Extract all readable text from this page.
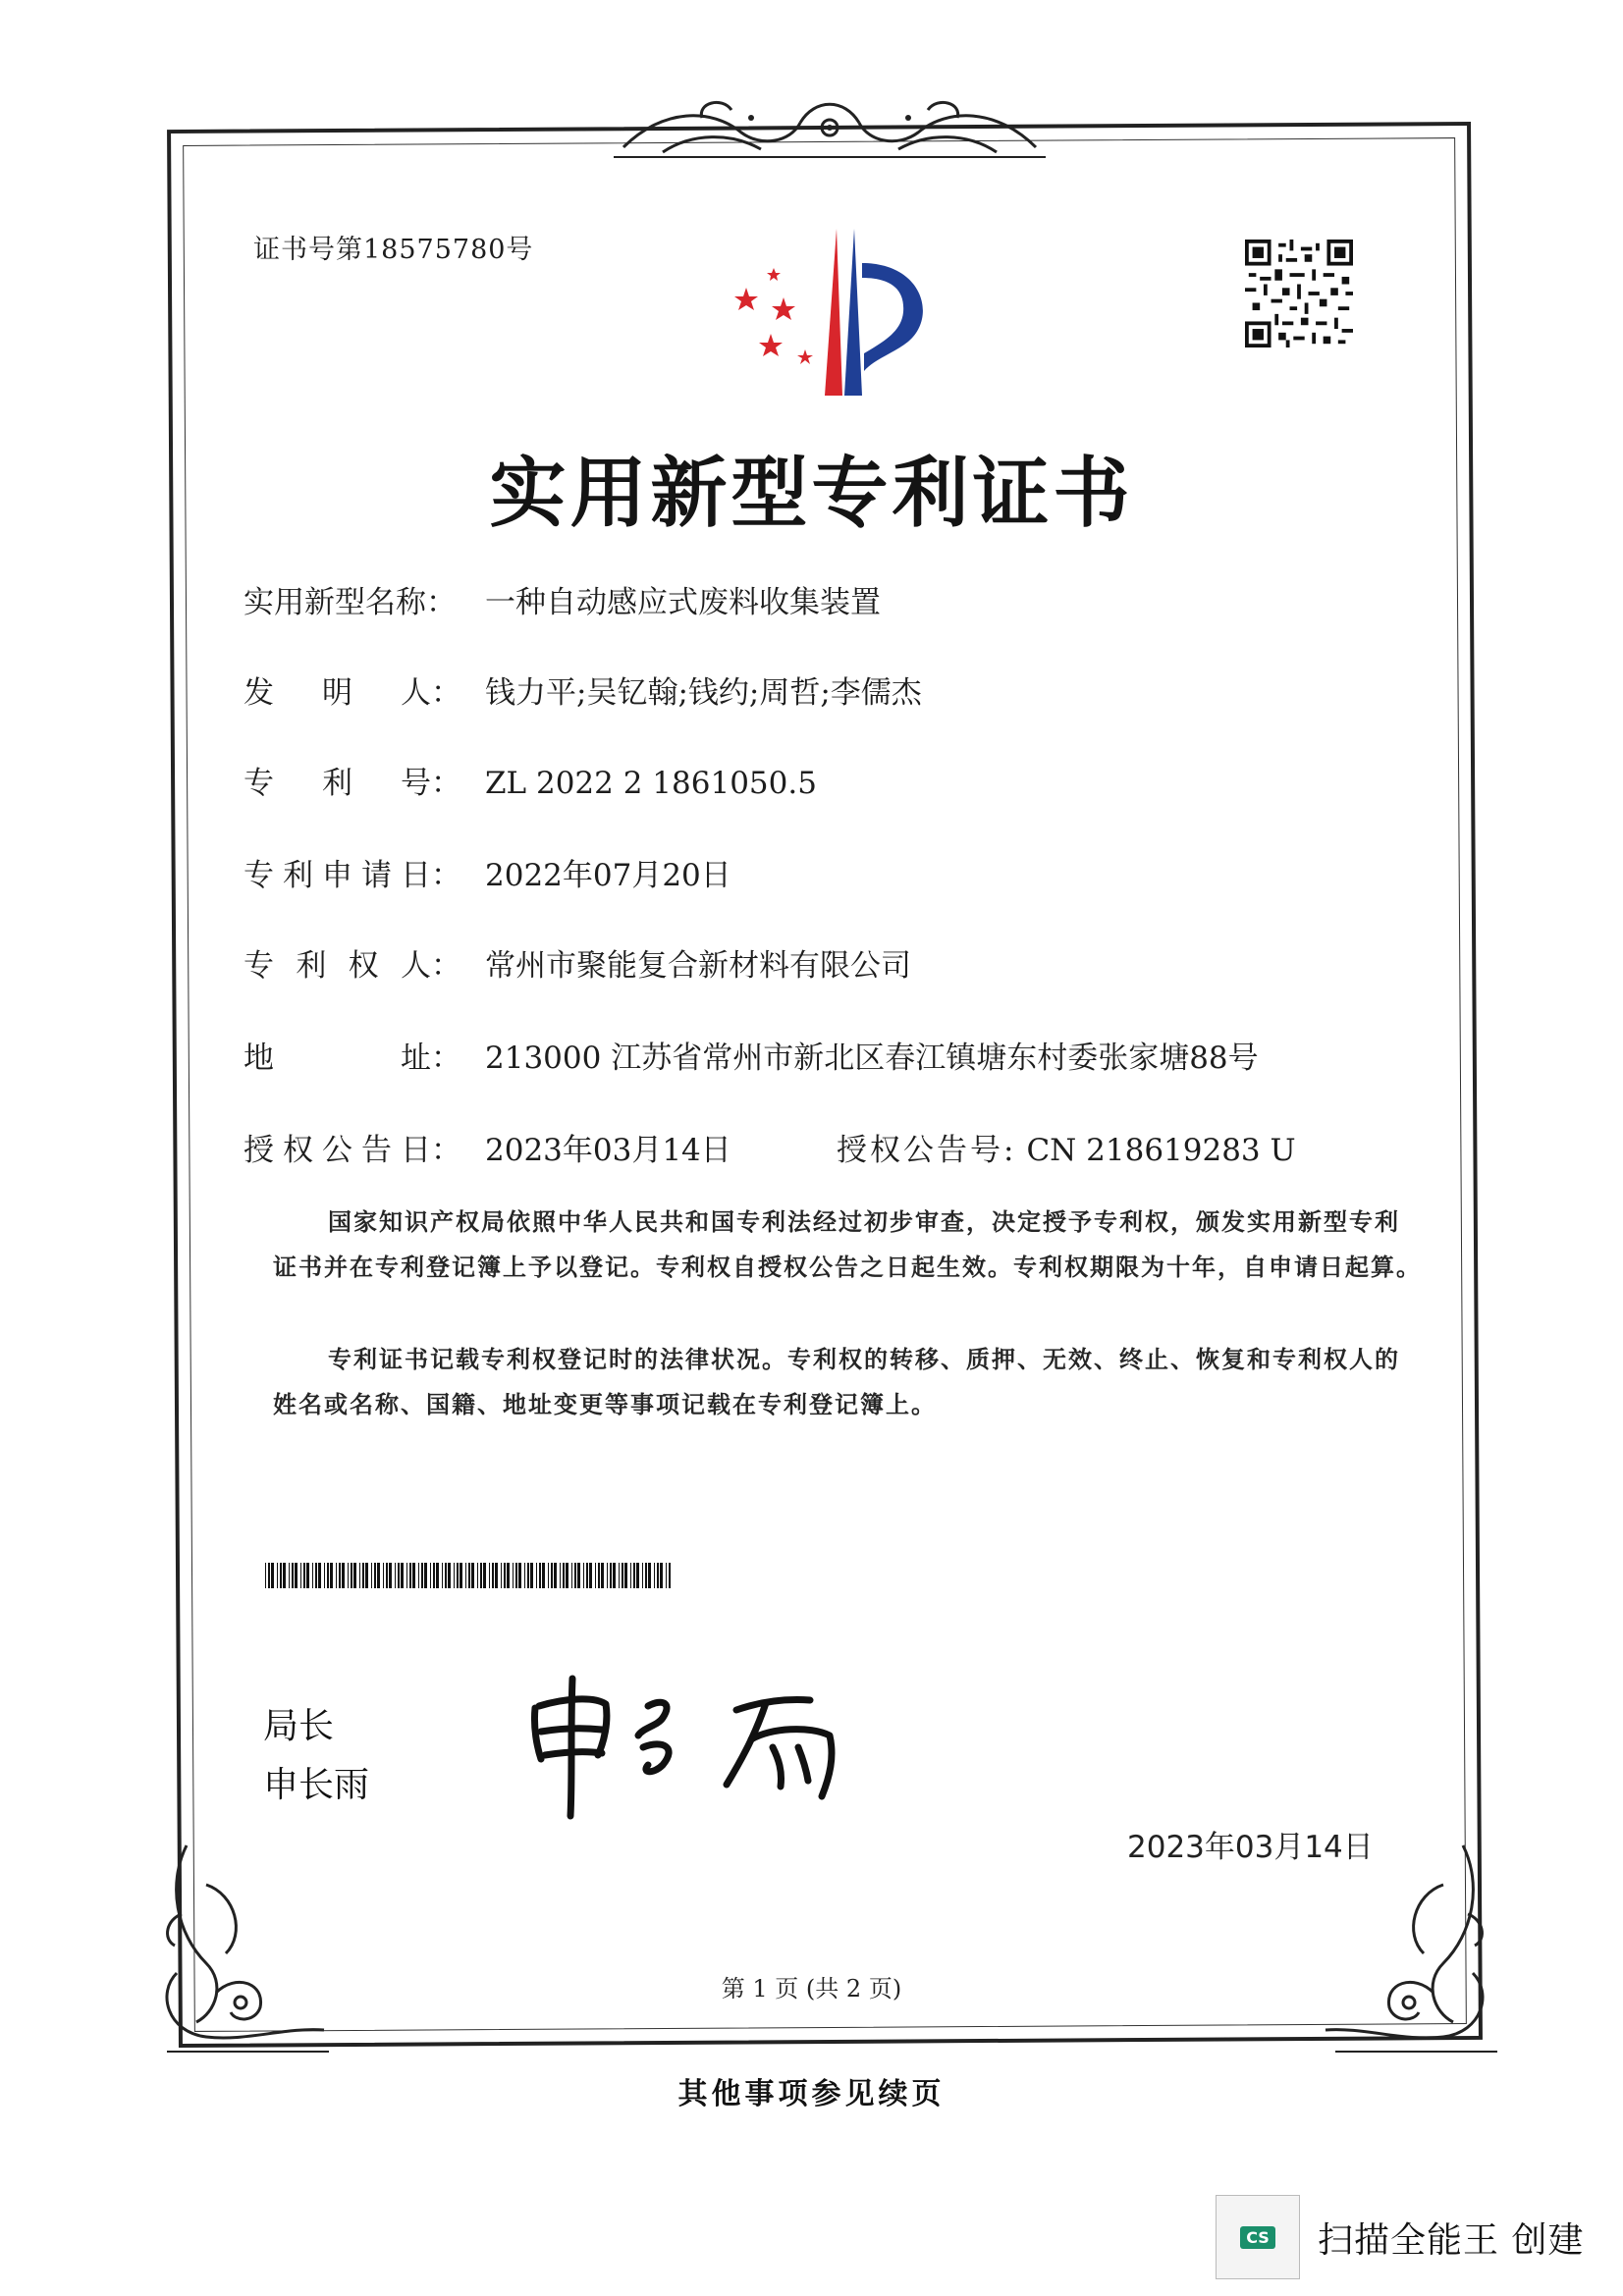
证书号第18575780号
实用新型专利证书
实用新型名称： 一种自动感应式废料收集装置
发 明 人： 钱力平;吴钇翰;钱约;周哲;李儒杰
专 利 号： ZL 2022 2 1861050.5
专 利 申 请 日： 2022年07月20日
专 利 权 人： 常州市聚能复合新材料有限公司
地	址： 213000 江苏省常州市新北区春江镇塘东村委张家塘88号
授 权 公 告 日： 2023年03月14日	授权公告号: CN 218619283 U
国家知识产权局依照中华人民共和国专利法经过初步审查，决定授予专利权，颁发实用新型专利证书并在专利登记簿上予以登记。专利权自授权公告之日起生效。专利权期限为十年，自申请日起算。
专利证书记载专利权登记时的法律状况。专利权的转移、质押、无效、终止、恢复和专利权人的姓名或名称、国籍、地址变更等事项记载在专利登记簿上。
局长
申长雨
2023年03月14日
第 1 页 (共 2 页)
其他事项参见续页
CS 扫描全能王 创建
